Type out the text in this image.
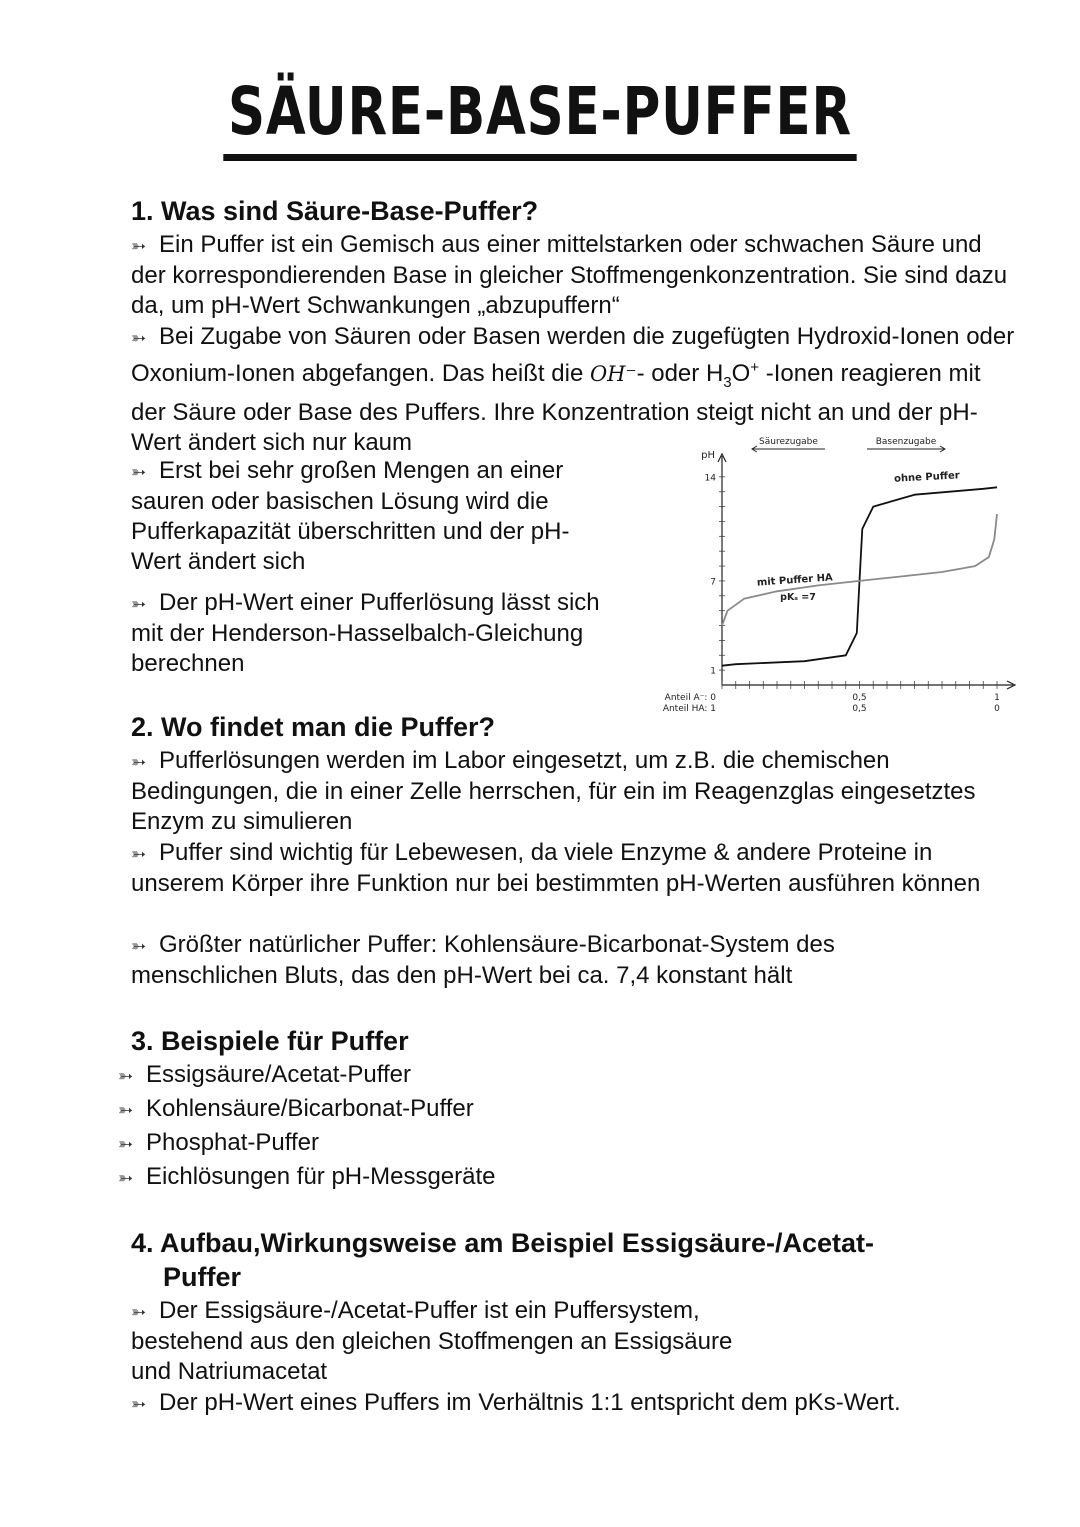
SÄURE-BASE-PUFFER
1. Was sind Säure-Base-Puffer?
➳ Ein Puffer ist ein Gemisch aus einer mittelstarken oder schwachen Säure und der korrespondierenden Base in gleicher Stoffmengenkonzentration. Sie sind dazu da, um pH-Wert Schwankungen „abzupuffern“
➳ Bei Zugabe von Säuren oder Basen werden die zugefügten Hydroxid-Ionen oder Oxonium-Ionen abgefangen. Das heißt die OH⁻- oder $H_3O^+$ -Ionen reagieren mit der Säure oder Base des Puffers. Ihre Konzentration steigt nicht an und der pH-Wert ändert sich nur kaum
➳ Erst bei sehr großen Mengen an einer sauren oder basischen Lösung wird die Pufferkapazität überschritten und der pH-Wert ändert sich
➳ Der pH-Wert einer Pufferlösung lässt sich mit der Henderson-Hasselbalch-Gleichung berechnen
pH
14
7
1
Anteil A⁻: 0
Anteil HA: 1
0,5
0,5
1
0
Säurezugabe	Basenzugabe
ohne Puffer
mit Puffer HA
pKₛ =7
2. Wo findet man die Puffer?
➳ Pufferlösungen werden im Labor eingesetzt, um z.B. die chemischen Bedingungen, die in einer Zelle herrschen, für ein im Reagenzglas eingesetztes Enzym zu simulieren
➳ Puffer sind wichtig für Lebewesen, da viele Enzyme & andere Proteine in unserem Körper ihre Funktion nur bei bestimmten pH-Werten ausführen können
➳ Größter natürlicher Puffer: Kohlensäure-Bicarbonat-System des menschlichen Bluts, das den pH-Wert bei ca. 7,4 konstant hält
3. Beispiele für Puffer
➳ Essigsäure/Acetat-Puffer
➳ Kohlensäure/Bicarbonat-Puffer
➳ Phosphat-Puffer
➳ Eichlösungen für pH-Messgeräte
4. Aufbau,Wirkungsweise am Beispiel Essigsäure-/Acetat-
Puffer
➳ Der Essigsäure-/Acetat-Puffer ist ein Puffersystem, bestehend aus den gleichen Stoffmengen an Essigsäure und Natriumacetat
➳ Der pH-Wert eines Puffers im Verhältnis 1:1 entspricht dem pKs-Wert.
